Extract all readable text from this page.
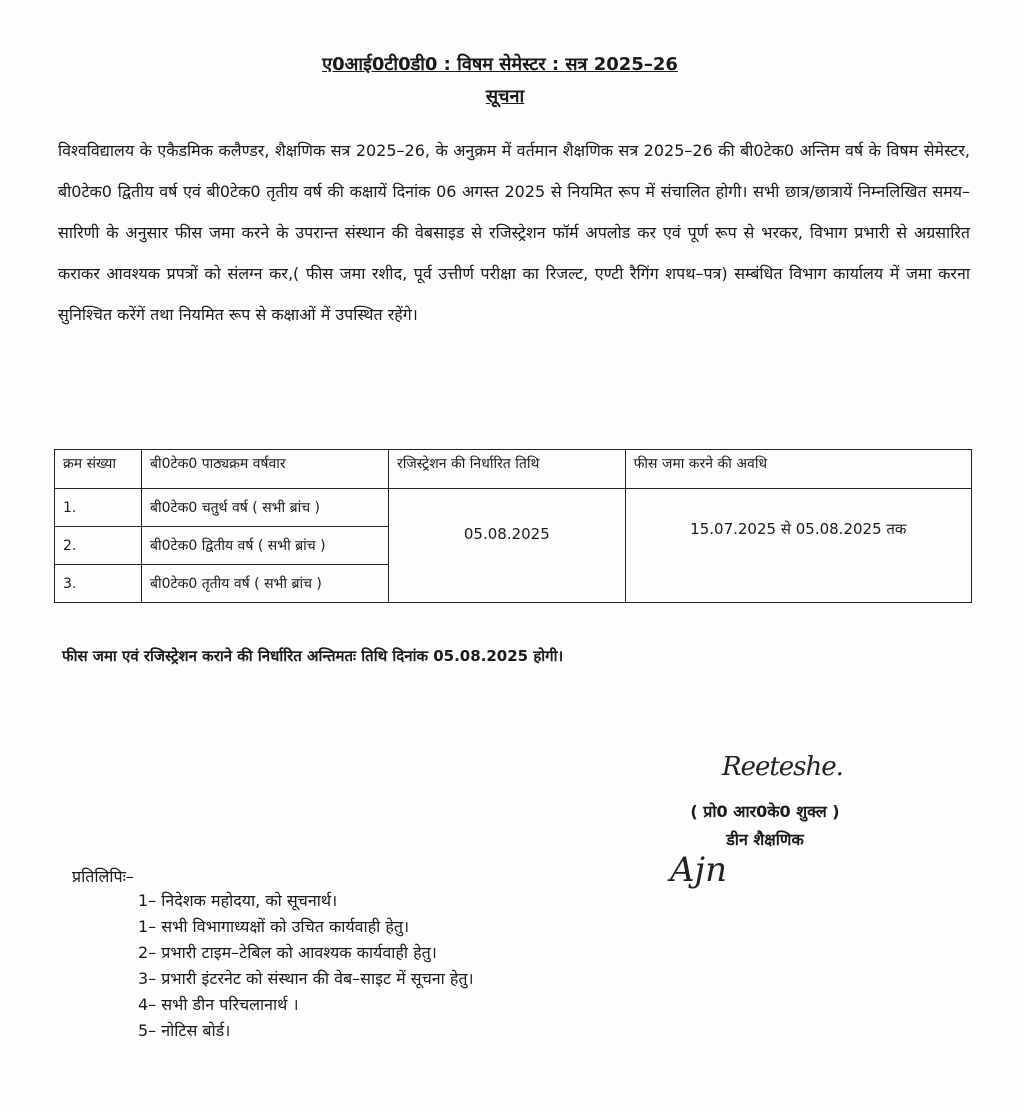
ए0आई0टी0डी0 : विषम सेमेस्टर : सत्र 2025–26
सूचना

विश्वविद्यालय के एकैडमिक कलैण्डर, शैक्षणिक सत्र 2025–26, के अनुक्रम में वर्तमान शैक्षणिक सत्र 2025–26 की बी0टेक0 अन्तिम वर्ष के विषम सेमेस्टर, बी0टेक0 द्वितीय वर्ष एवं बी0टेक0 तृतीय वर्ष की कक्षायें दिनांक 06 अगस्त 2025 से नियमित रूप में संचालित होगी। सभी छात्र/छात्रायें निम्नलिखित समय–सारिणी के अनुसार फीस जमा करने के उपरान्त संस्थान की वेबसाइड से रजिस्ट्रेशन फॉर्म अपलोड कर एवं पूर्ण रूप से भरकर, विभाग प्रभारी से अग्रसारित कराकर आवश्यक प्रपत्रों को संलग्न कर,( फीस जमा रशीद, पूर्व उत्तीर्ण परीक्षा का रिजल्ट, एण्टी रैगिंग शपथ–पत्र) सम्बंधित विभाग कार्यालय में जमा करना सुनिश्चित करेंगें तथा नियमित रूप से कक्षाओं में उपस्थित रहेंगे।

क्रम संख्या	बी0टेक0 पाठ्यक्रम वर्षवार	रजिस्ट्रेशन की निर्धारित तिथि	फीस जमा करने की अवधि
1.	बी0टेक0 चतुर्थ वर्ष ( सभी ब्रांच )	05.08.2025	15.07.2025 से 05.08.2025 तक
2.	बी0टेक0 द्वितीय वर्ष ( सभी ब्रांच )		
3.	बी0टेक0 तृतीय वर्ष ( सभी ब्रांच )		
फीस जमा एवं रजिस्ट्रेशन कराने की निर्धारित अन्तिमतः तिथि दिनांक 05.08.2025 होगी।
Reeteshe.
( प्रो0 आर0के0 शुक्ल )
डीन शैक्षणिक
Ajn
प्रतिलिपिः–
1– निदेशक महोदया, को सूचनार्थ।
1– सभी विभागाध्यक्षों को उचित कार्यवाही हेतु।
2– प्रभारी टाइम–टेबिल को आवश्यक कार्यवाही हेतु।
3– प्रभारी इंटरनेट को संस्थान की वेब–साइट में सूचना हेतु।
4– सभी डीन परिचलानार्थ ।
5– नोटिस बोर्ड।
